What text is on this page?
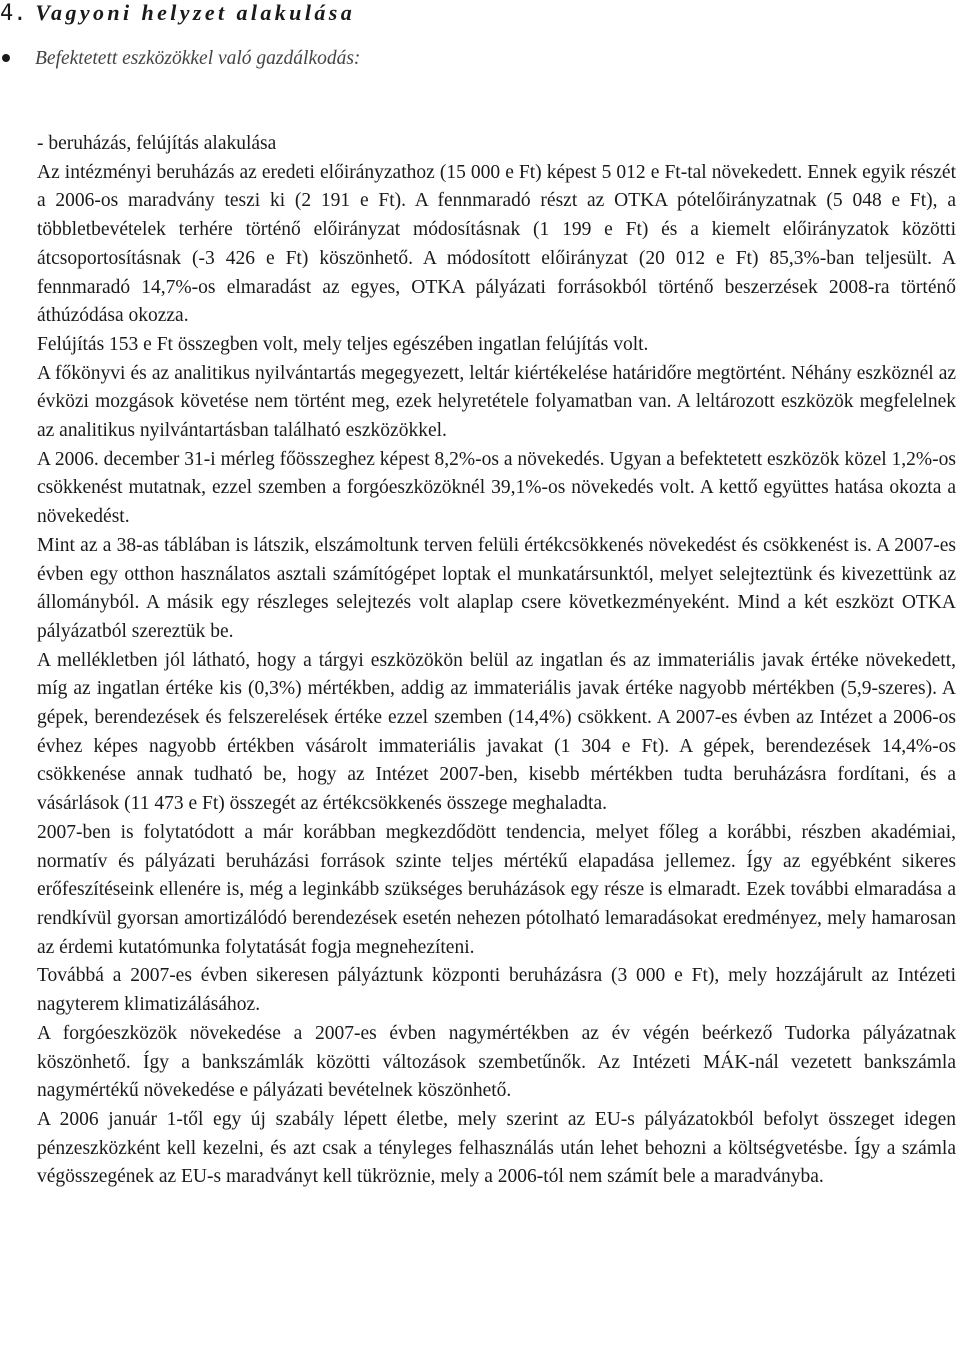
4. Vagyoni helyzet alakulása
Befektetett eszközökkel való gazdálkodás:

- beruházás, felújítás alakulása

Az intézményi beruházás az eredeti előirányzathoz (15 000 e Ft) képest 5 012 e Ft-tal növekedett. Ennek egyik részét a 2006-os maradvány teszi ki (2 191 e Ft). A fennmaradó részt az OTKA pótelőirányzatnak (5 048 e Ft), a többletbevételek terhére történő előirányzat módosításnak (1 199 e Ft) és a kiemelt előirányzatok közötti átcsoportosításnak (-3 426 e Ft) köszönhető. A módosított előirányzat (20 012 e Ft) 85,3%-ban teljesült. A fennmaradó 14,7%-os elmaradást az egyes, OTKA pályázati forrásokból történő beszerzések 2008-ra történő áthúzódása okozza.

Felújítás 153 e Ft összegben volt, mely teljes egészében ingatlan felújítás volt.

A főkönyvi és az analitikus nyilvántartás megegyezett, leltár kiértékelése határidőre megtörtént. Néhány eszköznél az évközi mozgások követése nem történt meg, ezek helyretétele folyamatban van. A leltározott eszközök megfelelnek az analitikus nyilvántartásban található eszközökkel.

A 2006. december 31-i mérleg főösszeghez képest 8,2%-os a növekedés. Ugyan a befektetett eszközök közel 1,2%-os csökkenést mutatnak, ezzel szemben a forgóeszközöknél 39,1%-os növekedés volt. A kettő együttes hatása okozta a növekedést.

Mint az a 38-as táblában is látszik, elszámoltunk terven felüli értékcsökkenés növekedést és csökkenést is. A 2007-es évben egy otthon használatos asztali számítógépet loptak el munkatársunktól, melyet selejteztünk és kivezettünk az állományból. A másik egy részleges selejtezés volt alaplap csere következményeként. Mind a két eszközt OTKA pályázatból szereztük be.

A mellékletben jól látható, hogy a tárgyi eszközökön belül az ingatlan és az immateriális javak értéke növekedett, míg az ingatlan értéke kis (0,3%) mértékben, addig az immateriális javak értéke nagyobb mértékben (5,9-szeres). A gépek, berendezések és felszerelések értéke ezzel szemben (14,4%) csökkent. A 2007-es évben az Intézet a 2006-os évhez képes nagyobb értékben vásárolt immateriális javakat (1 304 e Ft). A gépek, berendezések 14,4%-os csökkenése annak tudható be, hogy az Intézet 2007-ben, kisebb mértékben tudta beruházásra fordítani, és a vásárlások (11 473 e Ft) összegét az értékcsökkenés összege meghaladta.

2007-ben is folytatódott a már korábban megkezdődött tendencia, melyet főleg a korábbi, részben akadémiai, normatív és pályázati beruházási források szinte teljes mértékű elapadása jellemez. Így az egyébként sikeres erőfeszítéseink ellenére is, még a leginkább szükséges beruházások egy része is elmaradt. Ezek további elmaradása a rendkívül gyorsan amortizálódó berendezések esetén nehezen pótolható lemaradásokat eredményez, mely hamarosan az érdemi kutatómunka folytatását fogja megnehezíteni.

Továbbá a 2007-es évben sikeresen pályáztunk központi beruházásra (3 000 e Ft), mely hozzájárult az Intézeti nagyterem klimatizálásához.

A forgóeszközök növekedése a 2007-es évben nagymértékben az év végén beérkező Tudorka pályázatnak köszönhető. Így a bankszámlák közötti változások szembetűnők. Az Intézeti MÁK-nál vezetett bankszámla nagymértékű növekedése e pályázati bevételnek köszönhető.

A 2006 január 1-től egy új szabály lépett életbe, mely szerint az EU-s pályázatokból befolyt összeget idegen pénzeszközként kell kezelni, és azt csak a tényleges felhasználás után lehet behozni a költségvetésbe. Így a számla végösszegének az EU-s maradványt kell tükröznie, mely a 2006-tól nem számít bele a maradványba.
